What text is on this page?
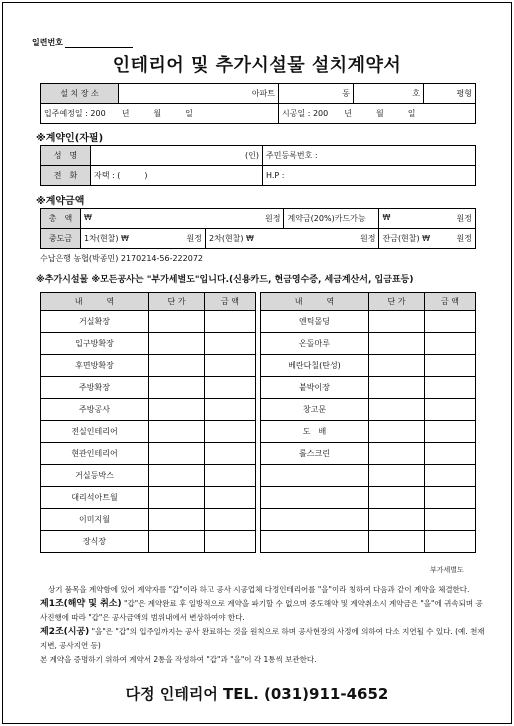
일련번호
인테리어 및 추가시설물 설치계약서
설 치 장 소	아파트	동	호	평형
입주예정일 : 200　　년　　　월　　　일		시공일 : 200　　년　　　월　　　일		
※계약인(자필)
성　명	(인)	주민등록번호 :
전　화	자택 : (　　　)	H.P :
※계약금액
총　액	₩ 원정		계약금(20%)카드가능	₩ 원정

중도금	1차(현찰) ₩ 원정	2차(현찰) ₩ 원정		잔금(현찰) ₩ 원정
수납은행 농협(박종민) 2170214-56-222072
※추가시설물 ※모든공사는 "부가세별도"입니다.(신용카드, 현금영수증, 세금계산서, 입금표등)
내　　　역	단 가	금 액
거실확장		
입구방확장		
후면방확장		
주방확장		
주방공사		
전실인테리어		
현관인테리어		
거실등박스		
대리석아트월		
이미지월		
장식장		
내　　　역	단 가	금 액
엔틱몰딩		
온돌마루		
베란다칠(탄성)		
붙박이장		
창고문		
도　배		
롤스크린		

부가세별도
상기 품목을 계약함에 있어 계약자를 "갑"이라 하고 공사 시공업체 다정인테리어를 "을"이라 칭하여 다음과 같이 계약을 체결한다.
제1조(해약 및 취소) "갑"은 계약완료 후 일방적으로 계약을 파기할 수 없으며 중도해약 및 계약취소시 계약금은 "을"에 귀속되며 공사진행에 따라 "갑"은 공사금액의 범위내에서 변상하여야 한다.
제2조(시공) "을"은 "갑"의 입주일까지는 공사 완료하는 것을 원칙으로 하며 공사현장의 사정에 의하여 다소 지연될 수 있다. (예. 천재지변, 공사지연 등)
본 계약을 증명하기 위하여 계약서 2통을 작성하여 "갑"과 "을"이 각 1통씩 보관한다.
다정 인테리어 TEL. (031)911-4652
